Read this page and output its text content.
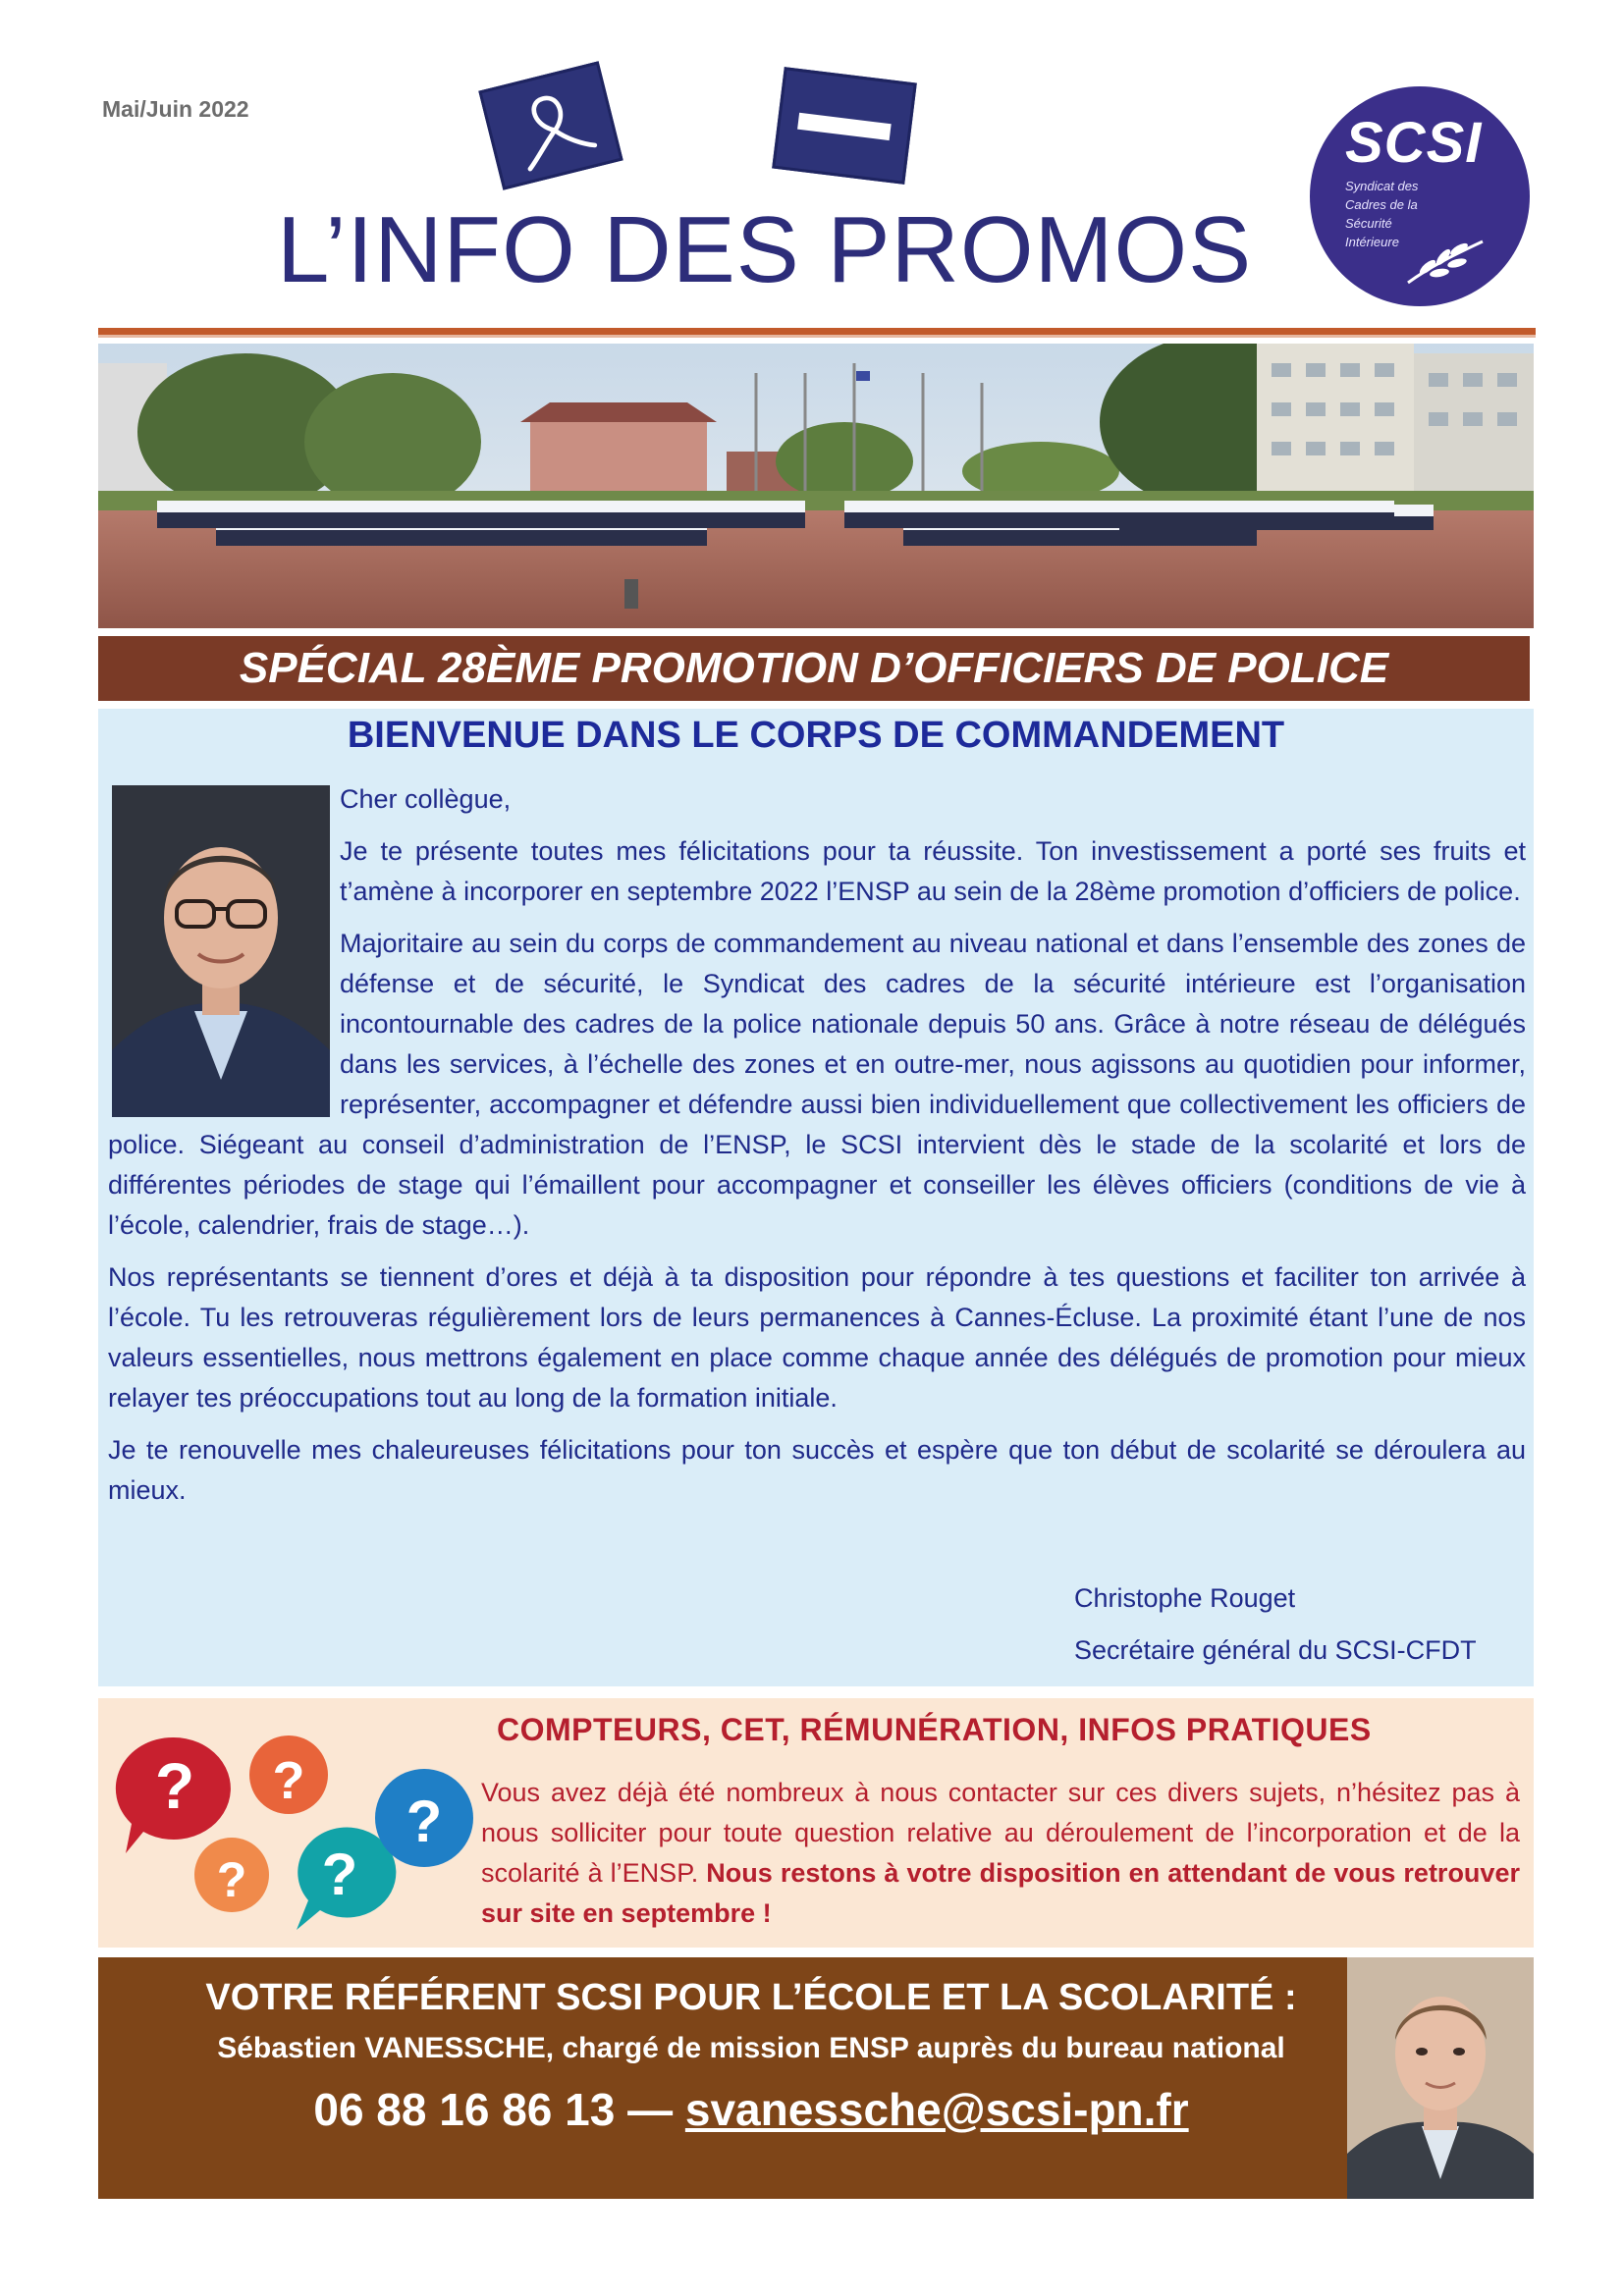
Mai/Juin 2022
L’INFO DES PROMOS
SCSI
Syndicat des
Cadres de la
Sécurité
Intérieure
SPÉCIAL 28ÈME PROMOTION D’OFFICIERS DE POLICE
BIENVENUE DANS LE CORPS DE COMMANDEMENT

Cher collègue,

Je te présente toutes mes félicitations pour ta réussite. Ton investissement a porté ses fruits et t’amène à incorporer en septembre 2022 l’ENSP au sein de la 28ème promotion d’officiers de police.

Majoritaire au sein du corps de commandement au niveau national et dans l’ensemble des zones de défense et de sécurité, le Syndicat des cadres de la sécurité intérieure est l’organisation incontournable des cadres de la police nationale depuis 50 ans. Grâce à notre réseau de délégués dans les services, à l’échelle des zones et en outre-mer, nous agissons au quotidien pour informer, représenter, accompagner et défendre aussi bien individuellement que collectivement les officiers de police. Siégeant au conseil d’administration de l’ENSP, le SCSI intervient dès le stade de la scolarité et lors de différentes périodes de stage qui l’émaillent pour accompagner et conseiller les élèves officiers (conditions de vie à l’école, calendrier, frais de stage…).

Nos représentants se tiennent d’ores et déjà à ta disposition pour répondre à tes questions et faciliter ton arrivée à l’école. Tu les retrouveras régulièrement lors de leurs permanences à Cannes-Écluse. La proximité étant l’une de nos valeurs essentielles, nous mettrons également en place comme chaque année des délégués de promotion pour mieux relayer tes préoccupations tout au long de la formation initiale.

Je te renouvelle mes chaleureuses félicitations pour ton succès et espère que ton début de scolarité se déroulera au mieux.

Christophe Rouget
Secrétaire général du SCSI-CFDT
? ?
? ?
?
COMPTEURS, CET, RÉMUNÉRATION, INFOS PRATIQUES
Vous avez déjà été nombreux à nous contacter sur ces divers sujets, n’hésitez pas à nous solliciter pour toute question relative au déroulement de l’incorporation et de la scolarité à l’ENSP. Nous restons à votre disposition en attendant de vous retrouver sur site en septembre !
VOTRE RÉFÉRENT SCSI POUR L’ÉCOLE ET LA SCOLARITÉ :
Sébastien VANESSCHE, chargé de mission ENSP auprès du bureau national
06 88 16 86 13 — svanessche@scsi-pn.fr
